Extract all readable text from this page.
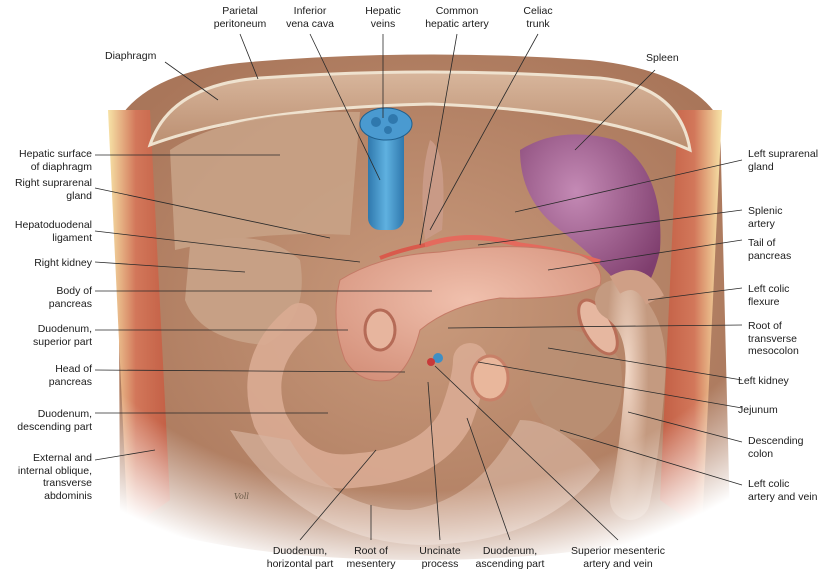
Parietal
peritoneum
Inferior
vena cava
Hepatic
veins
Common
hepatic artery
Celiac
trunk
Diaphragm	Spleen
Hepatic surface
of diaphragm
Right suprarenal
gland
Hepatoduodenal
ligament
Right kidney
Body of
pancreas
Duodenum,
superior part
Head of
pancreas
Duodenum,
descending part
External and
internal oblique,
transverse
abdominis
Left suprarenal
gland
Splenic
artery
Tail of
pancreas
Left colic
flexure
Root of
transverse
mesocolon
Left kidney
Jejunum
Descending
colon
Left colic
artery and vein
Duodenum,
horizontal part
Root of
mesentery
Uncinate
process
Duodenum,
ascending part
Superior mesenteric
artery and vein
Voll
